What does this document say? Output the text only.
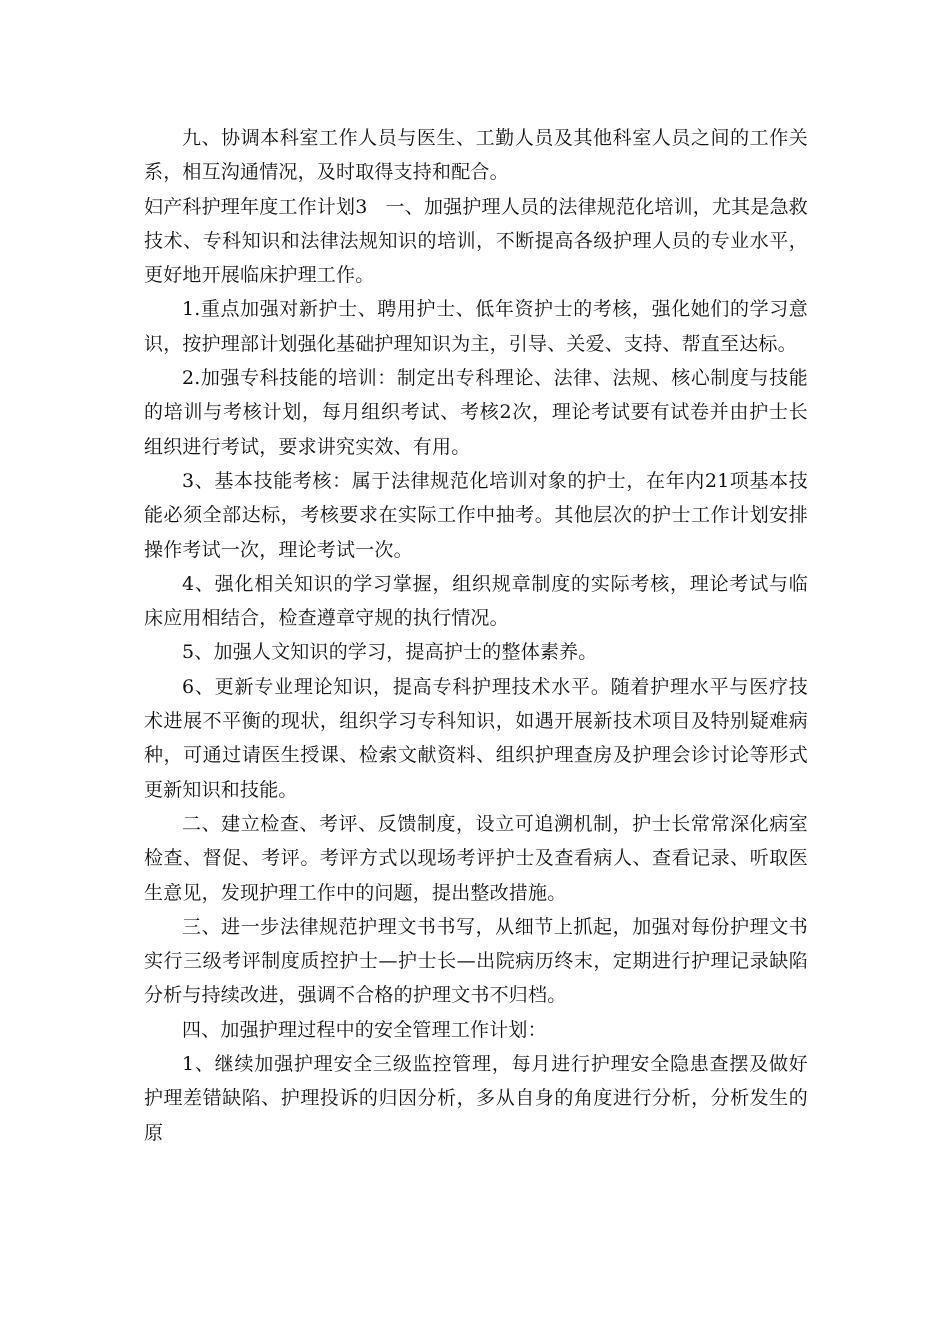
九、协调本科室工作人员与医生、工勤人员及其他科室人员之间的工作关系，相互沟通情况，及时取得支持和配合。

妇产科护理年度工作计划3 一、加强护理人员的法律规范化培训，尤其是急救技术、专科知识和法律法规知识的培训，不断提高各级护理人员的专业水平，更好地开展临床护理工作。

1.重点加强对新护士、聘用护士、低年资护士的考核，强化她们的学习意识，按护理部计划强化基础护理知识为主，引导、关爱、支持、帮直至达标。

2.加强专科技能的培训：制定出专科理论、法律、法规、核心制度与技能的培训与考核计划，每月组织考试、考核2次，理论考试要有试卷并由护士长组织进行考试，要求讲究实效、有用。

3、基本技能考核：属于法律规范化培训对象的护士，在年内21项基本技能必须全部达标，考核要求在实际工作中抽考。其他层次的护士工作计划安排操作考试一次，理论考试一次。

4、强化相关知识的学习掌握，组织规章制度的实际考核，理论考试与临床应用相结合，检查遵章守规的执行情况。

5、加强人文知识的学习，提高护士的整体素养。

6、更新专业理论知识，提高专科护理技术水平。随着护理水平与医疗技术进展不平衡的现状，组织学习专科知识，如遇开展新技术项目及特别疑难病种，可通过请医生授课、检索文献资料、组织护理查房及护理会诊讨论等形式更新知识和技能。

二、建立检查、考评、反馈制度，设立可追溯机制，护士长常常深化病室检查、督促、考评。考评方式以现场考评护士及查看病人、查看记录、听取医生意见，发现护理工作中的问题，提出整改措施。

三、进一步法律规范护理文书书写，从细节上抓起，加强对每份护理文书实行三级考评制度质控护士—护士长—出院病历终末，定期进行护理记录缺陷分析与持续改进，强调不合格的护理文书不归档。

四、加强护理过程中的安全管理工作计划：

1、继续加强护理安全三级监控管理，每月进行护理安全隐患查摆及做好护理差错缺陷、护理投诉的归因分析，多从自身的角度进行分析，分析发生的原
